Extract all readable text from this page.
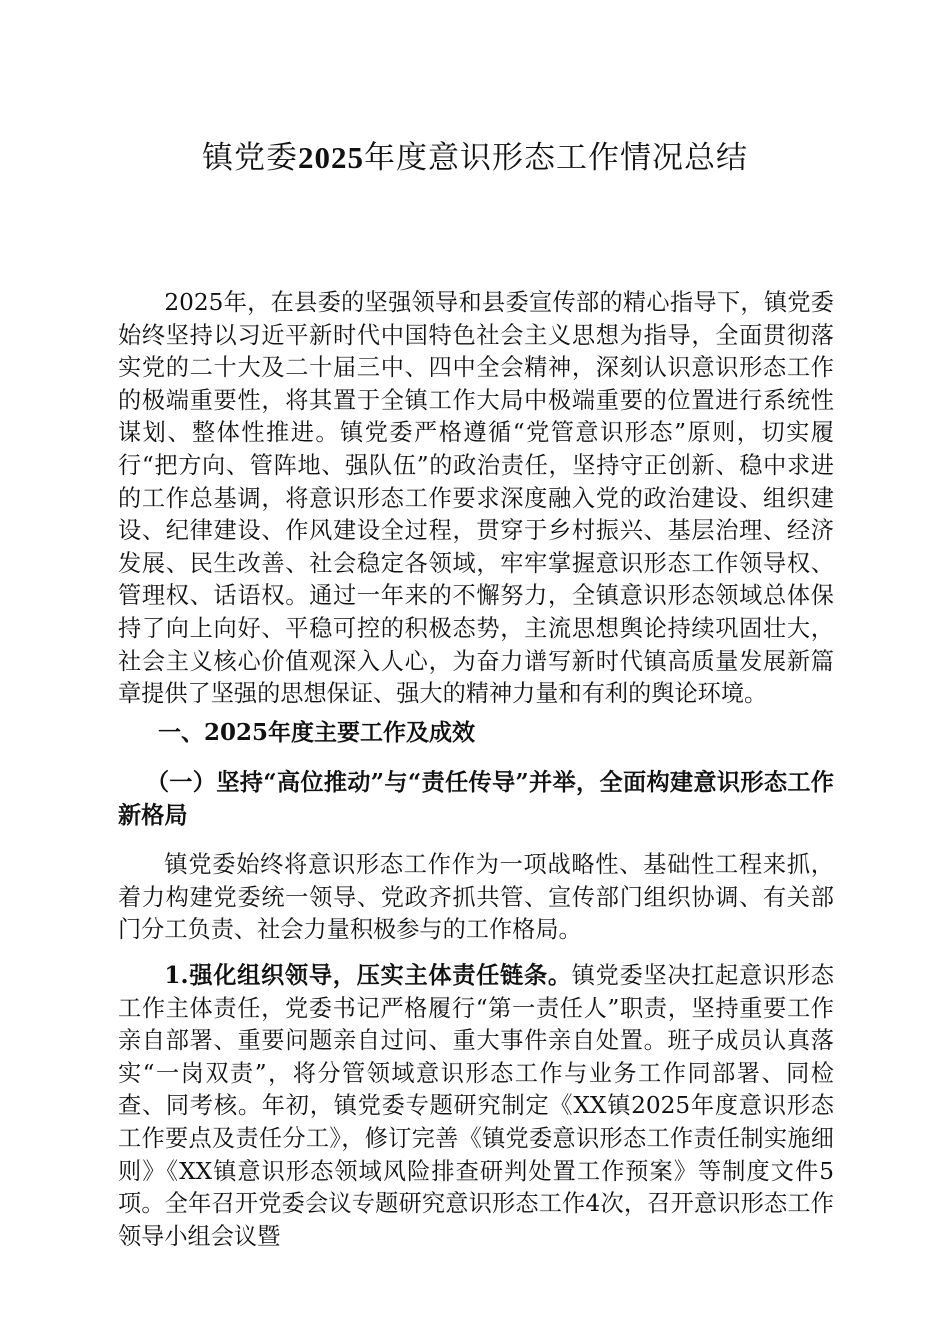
镇党委2025年度意识形态工作情况总结

2025年，在县委的坚强领导和县委宣传部的精心指导下，镇党委始终坚持以习近平新时代中国特色社会主义思想为指导，全面贯彻落实党的二十大及二十届三中、四中全会精神，深刻认识意识形态工作的极端重要性，将其置于全镇工作大局中极端重要的位置进行系统性谋划、整体性推进。镇党委严格遵循“党管意识形态”原则，切实履行“把方向、管阵地、强队伍”的政治责任，坚持守正创新、稳中求进的工作总基调，将意识形态工作要求深度融入党的政治建设、组织建设、纪律建设、作风建设全过程，贯穿于乡村振兴、基层治理、经济发展、民生改善、社会稳定各领域，牢牢掌握意识形态工作领导权、管理权、话语权。通过一年来的不懈努力，全镇意识形态领域总体保持了向上向好、平稳可控的积极态势，主流思想舆论持续巩固壮大，社会主义核心价值观深入人心，为奋力谱写新时代镇高质量发展新篇章提供了坚强的思想保证、强大的精神力量和有利的舆论环境。

一、2025年度主要工作及成效
（一）坚持“高位推动”与“责任传导”并举，全面构建意识形态工作新格局

镇党委始终将意识形态工作作为一项战略性、基础性工程来抓，着力构建党委统一领导、党政齐抓共管、宣传部门组织协调、有关部门分工负责、社会力量积极参与的工作格局。

1.强化组织领导，压实主体责任链条。镇党委坚决扛起意识形态工作主体责任，党委书记严格履行“第一责任人”职责，坚持重要工作亲自部署、重要问题亲自过问、重大事件亲自处置。班子成员认真落实“一岗双责”，将分管领域意识形态工作与业务工作同部署、同检查、同考核。年初，镇党委专题研究制定《XX镇2025年度意识形态工作要点及责任分工》，修订完善《镇党委意识形态工作责任制实施细则》《XX镇意识形态领域风险排查研判处置工作预案》等制度文件5项。全年召开党委会议专题研究意识形态工作4次，召开意识形态工作领导小组会议暨
